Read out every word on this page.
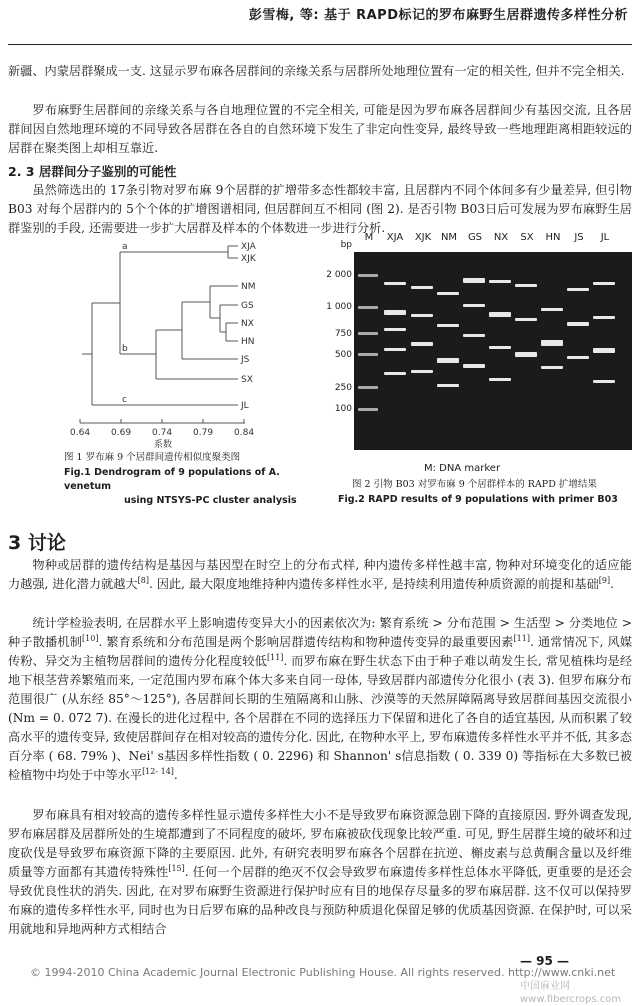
彭雪梅, 等: 基于 RAPD标记的罗布麻野生居群遗传多样性分析

新疆、内蒙居群聚成一支. 这显示罗布麻各居群间的亲缘关系与居群所处地理位置有一定的相关性, 但并不完全相关.

罗布麻野生居群间的亲缘关系与各自地理位置的不完全相关, 可能是因为罗布麻各居群间少有基因交流, 且各居群间因自然地理环境的不同导致各居群在各自的自然环境下发生了非定向性变异, 最终导致一些地理距离相距较远的居群在聚类图上却相互靠近.

2. 3 居群间分子鉴别的可能性

虽然筛选出的 17条引物对罗布麻 9个居群的扩增带多态性都较丰富, 且居群内不同个体间多有少量差异, 但引物 B03 对每个居群内的 5个个体的扩增图谱相同, 但居群间互不相同 (图 2). 是否引物 B03日后可发展为罗布麻野生居群鉴别的手段, 还需要进一步扩大居群及样本的个体数进一步进行分析.

XJA
XJK
NM
GS
NX
HN
JS
SX
JL
a
b
c
0.64 0.69 0.74 0.79 0.84
系数
图 1 罗布麻 9 个居群间遗传相似度聚类图
Fig.1 Dendrogram of 9 populations of A. venetum
using NTSYS-PC cluster analysis
M	XJA	XJK NM	GS	NX	SX	HN	JS	JL
bp
2 000
1 000
750
500
250
100
M: DNA marker
图 2 引物 B03 对罗布麻 9 个居群样本的 RAPD 扩增结果
Fig.2 RAPD results of 9 populations with primer B03
3 讨论

物种或居群的遗传结构是基因与基因型在时空上的分布式样, 种内遗传多样性越丰富, 物种对环境变化的适应能力越强, 进化潜力就越大[8]. 因此, 最大限度地维持种内遗传多样性水平, 是持续利用遗传种质资源的前提和基础[9].

统计学检验表明, 在居群水平上影响遗传变异大小的因素依次为: 繁育系统 > 分布范围 > 生活型 > 分类地位 > 种子散播机制[10]. 繁育系统和分布范围是两个影响居群遗传结构和物种遗传变异的最重要因素[11]. 通常情况下, 风媒传粉、异交为主植物居群间的遗传分化程度较低[11]. 而罗布麻在野生状态下由于种子难以萌发生长, 常见植株均是经地下根茎营养繁殖而来, 一定范围内罗布麻个体大多来自同一母体, 导致居群内部遗传分化很小 (表 3). 但罗布麻分布范围很广 (从东经 85°～125°), 各居群间长期的生殖隔离和山脉、沙漠等的天然屏障隔离导致居群间基因交流很小 (Nm = 0. 072 7). 在漫长的进化过程中, 各个居群在不同的选择压力下保留和进化了各自的适宜基因, 从而积累了较高水平的遗传变异, 致使居群间存在相对较高的遗传分化. 因此, 在物种水平上, 罗布麻遗传多样性水平并不低, 其多态百分率 ( 68. 79% )、Nei' s基因多样性指数 ( 0. 2296) 和 Shannon' s信息指数 ( 0. 339 0) 等指标在大多数已被检植物中均处于中等水平[12- 14].

罗布麻具有相对较高的遗传多样性显示遗传多样性大小不是导致罗布麻资源急剧下降的直接原因. 野外调查发现, 罗布麻居群及居群所处的生境都遭到了不同程度的破坏, 罗布麻被砍伐现象比较严重. 可见, 野生居群生境的破坏和过度砍伐是导致罗布麻资源下降的主要原因. 此外, 有研究表明罗布麻各个居群在抗逆、槲皮素与总黄酮含量以及纤维质量等方面都有其遗传特殊性[15]. 任何一个居群的绝灭不仅会导致罗布麻遗传多样性总体水平降低, 更重要的是还会导致优良性状的消失. 因此, 在对罗布麻野生资源进行保护时应有目的地保存尽量多的罗布麻居群. 这不仅可以保持罗布麻的遗传多样性水平, 同时也为日后罗布麻的品种改良与预防种质退化保留足够的优质基因资源. 在保护时, 可以采用就地和异地两种方式相结合

— 95 —
© 1994-2010 China Academic Journal Electronic Publishing House. All rights reserved. http://www.cnki.net
中国麻业网 www.fibercrops.com
